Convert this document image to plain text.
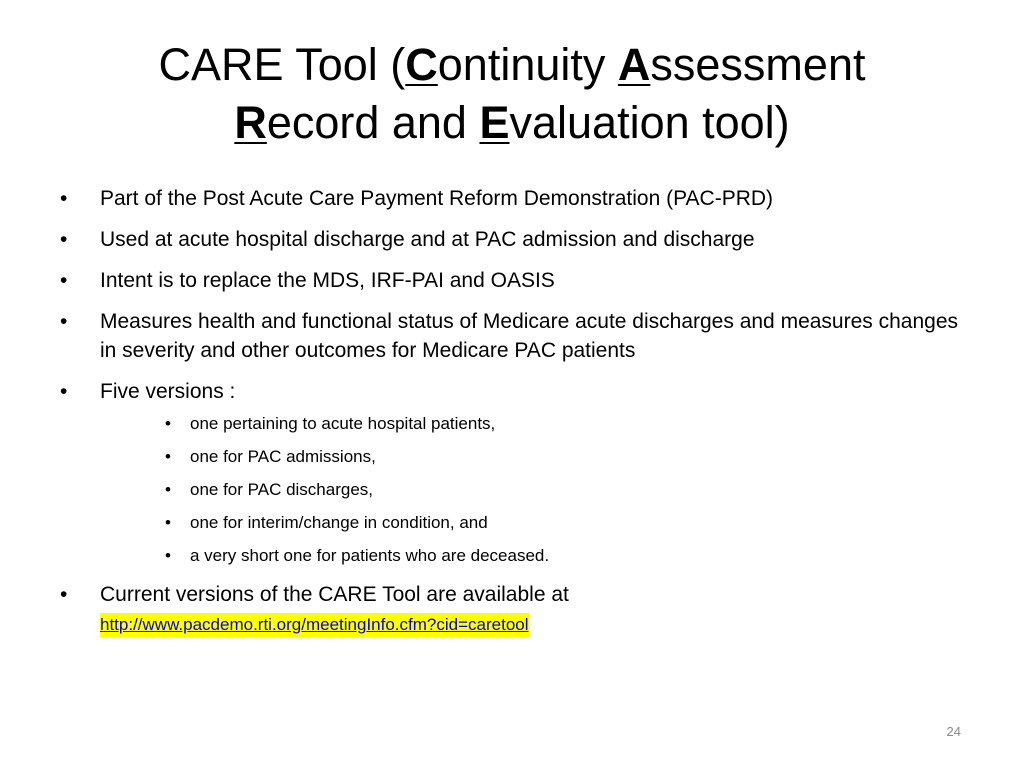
CARE Tool (Continuity Assessment
Record and Evaluation tool)
•	Part of the Post Acute Care Payment Reform Demonstration (PAC-PRD)
•	Used at acute hospital discharge and at PAC admission and discharge
•	Intent is to replace the MDS, IRF-PAI and OASIS
•	Measures health and functional status of Medicare acute discharges and measures changes in severity and other outcomes for Medicare PAC patients
•	Five versions :
•	one pertaining to acute hospital patients,
•	one for PAC admissions,
•	one for PAC discharges,
•	one for interim/change in condition, and
•	a very short one for patients who are deceased.
•	Current versions of the CARE Tool are available at
http://www.pacdemo.rti.org/meetingInfo.cfm?cid=caretool
24
